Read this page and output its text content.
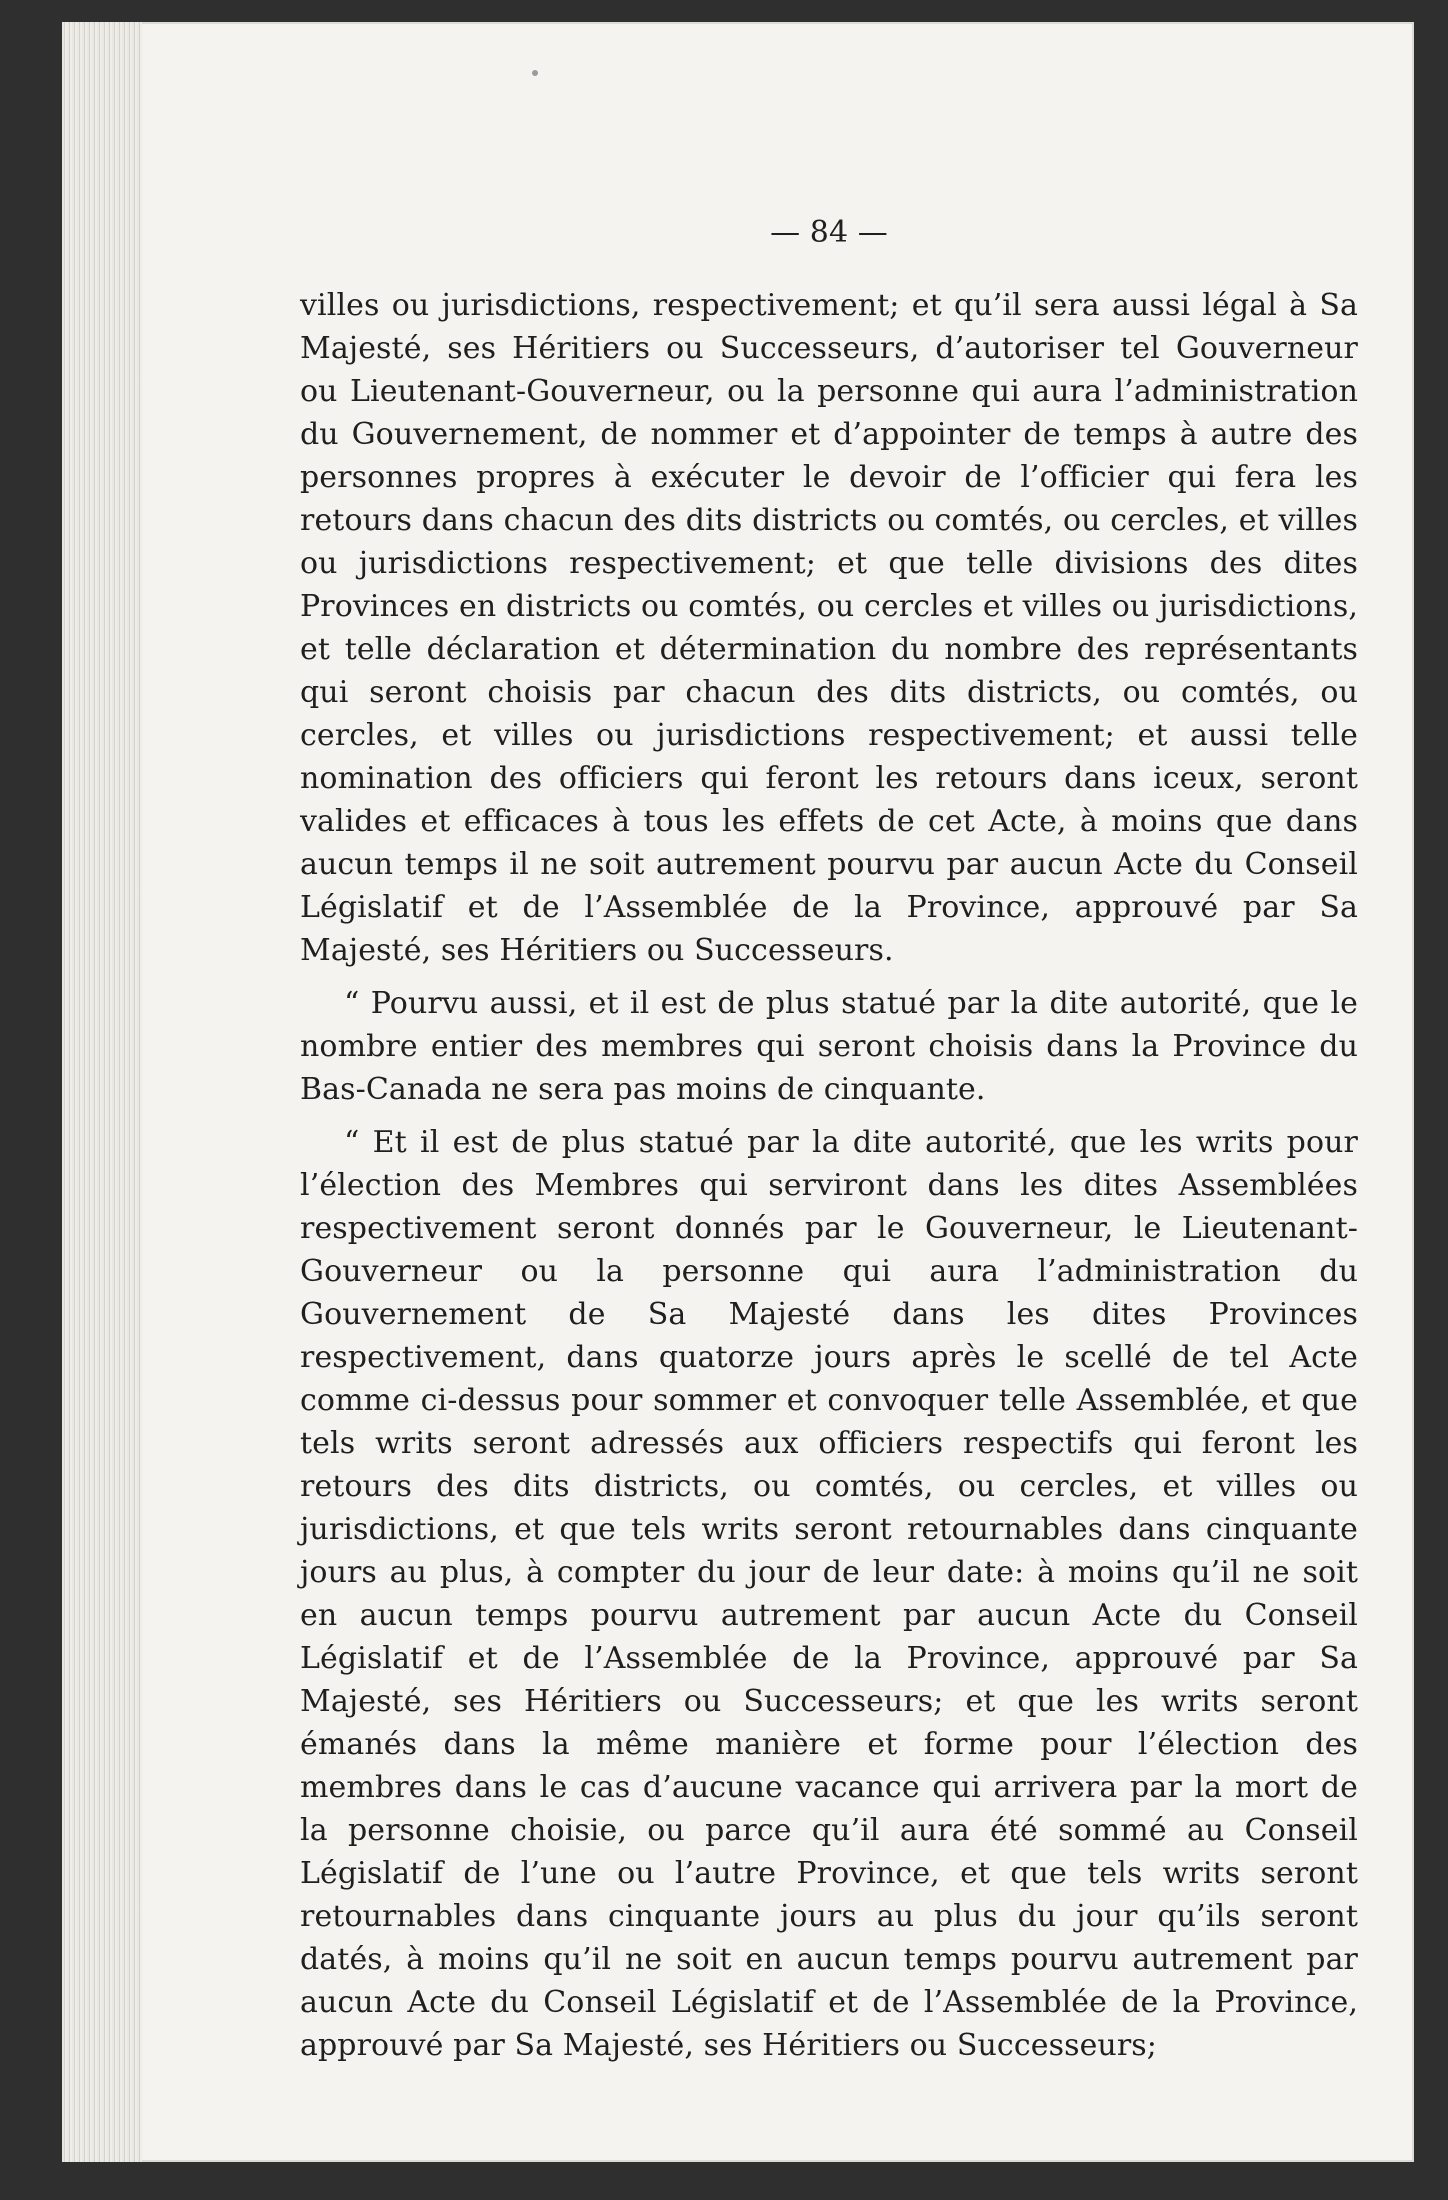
— 84 —

villes ou jurisdictions, respectivement; et qu’il sera aussi légal à Sa Majesté, ses Héritiers ou Successeurs, d’autoriser tel Gouverneur ou Lieutenant-Gouverneur, ou la personne qui aura l’administration du Gouvernement, de nommer et d’appointer de temps à autre des personnes propres à exécuter le devoir de l’officier qui fera les retours dans chacun des dits districts ou comtés, ou cercles, et villes ou jurisdictions respectivement; et que telle divisions des dites Provinces en districts ou comtés, ou cercles et villes ou jurisdictions, et telle déclaration et détermination du nombre des représentants qui seront choisis par chacun des dits districts, ou comtés, ou cercles, et villes ou jurisdictions respectivement; et aussi telle nomination des officiers qui feront les retours dans iceux, seront valides et efficaces à tous les effets de cet Acte, à moins que dans aucun temps il ne soit autrement pourvu par aucun Acte du Conseil Législatif et de l’Assemblée de la Province, approuvé par Sa Majesté, ses Héritiers ou Successeurs.

“ Pourvu aussi, et il est de plus statué par la dite autorité, que le nombre entier des membres qui seront choisis dans la Province du Bas-Canada ne sera pas moins de cinquante.

“ Et il est de plus statué par la dite autorité, que les writs pour l’élection des Membres qui serviront dans les dites Assemblées respectivement seront donnés par le Gouverneur, le Lieutenant-Gouverneur ou la personne qui aura l’administration du Gouvernement de Sa Majesté dans les dites Provinces respectivement, dans quatorze jours après le scellé de tel Acte comme ci-dessus pour sommer et convoquer telle Assemblée, et que tels writs seront adressés aux officiers respectifs qui feront les retours des dits districts, ou comtés, ou cercles, et villes ou jurisdictions, et que tels writs seront retournables dans cinquante jours au plus, à compter du jour de leur date: à moins qu’il ne soit en aucun temps pourvu autrement par aucun Acte du Conseil Législatif et de l’Assemblée de la Province, approuvé par Sa Majesté, ses Héritiers ou Successeurs; et que les writs seront émanés dans la même manière et forme pour l’élection des membres dans le cas d’aucune vacance qui arrivera par la mort de la personne choisie, ou parce qu’il aura été sommé au Conseil Législatif de l’une ou l’autre Province, et que tels writs seront retournables dans cinquante jours au plus du jour qu’ils seront datés, à moins qu’il ne soit en aucun temps pourvu autrement par aucun Acte du Conseil Législatif et de l’Assemblée de la Province, approuvé par Sa Majesté, ses Héritiers ou Successeurs;
